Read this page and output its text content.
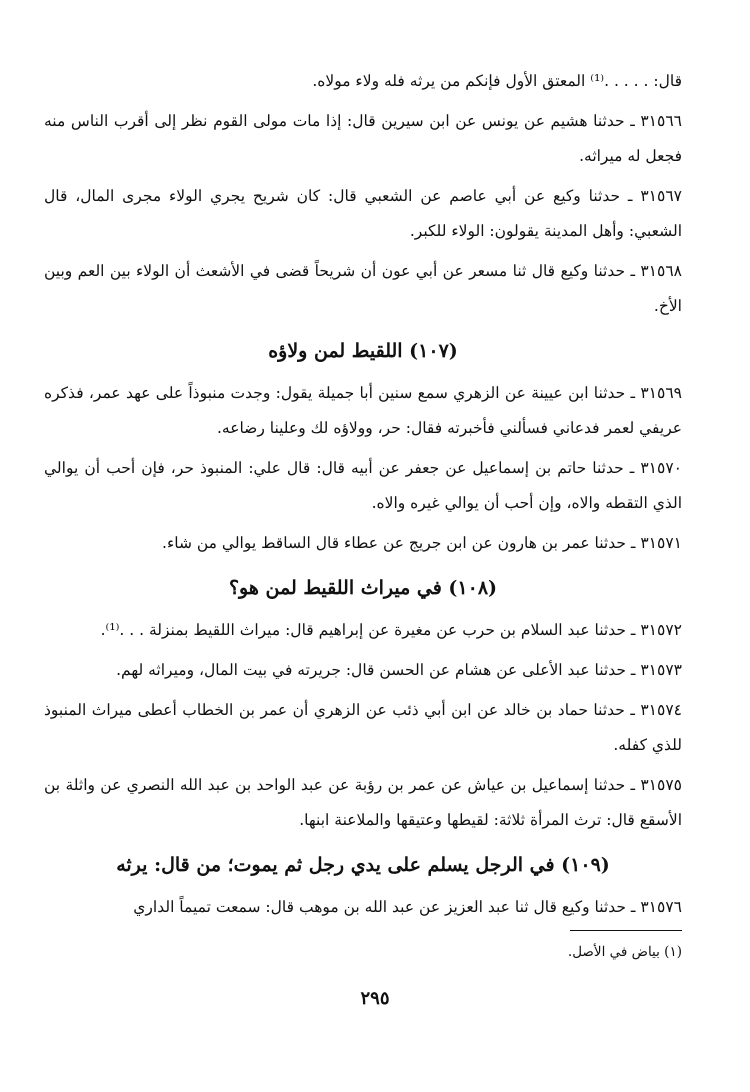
قال: . . . . .⁽¹⁾ المعتق الأول فإنكم من يرثه فله ولاء مولاه.

٣١٥٦٦ ـ حدثنا هشيم عن يونس عن ابن سيرين قال: إذا مات مولى القوم نظر إلى أقرب الناس منه فجعل له ميراثه.

٣١٥٦٧ ـ حدثنا وكيع عن أبي عاصم عن الشعبي قال: كان شريح يجري الولاء مجرى المال، قال الشعبي: وأهل المدينة يقولون: الولاء للكبر.

٣١٥٦٨ ـ حدثنا وكيع قال ثنا مسعر عن أبي عون أن شريحاً قضى في الأشعث أن الولاء بين العم وبين الأخ.

(١٠٧) اللقيط لمن ولاؤه

٣١٥٦٩ ـ حدثنا ابن عيينة عن الزهري سمع سنين أبا جميلة يقول: وجدت منبوذاً على عهد عمر، فذكره عريفي لعمر فدعاني فسألني فأخبرته فقال: حر، وولاؤه لك وعلينا رضاعه.

٣١٥٧٠ ـ حدثنا حاتم بن إسماعيل عن جعفر عن أبيه قال: قال علي: المنبوذ حر، فإن أحب أن يوالي الذي التقطه والاه، وإن أحب أن يوالي غيره والاه.

٣١٥٧١ ـ حدثنا عمر بن هارون عن ابن جريج عن عطاء قال الساقط يوالي من شاء.

(١٠٨) في ميراث اللقيط لمن هو؟

٣١٥٧٢ ـ حدثنا عبد السلام بن حرب عن مغيرة عن إبراهيم قال: ميراث اللقيط بمنزلة . . .⁽¹⁾.

٣١٥٧٣ ـ حدثنا عبد الأعلى عن هشام عن الحسن قال: جريرته في بيت المال، وميراثه لهم.

٣١٥٧٤ ـ حدثنا حماد بن خالد عن ابن أبي ذئب عن الزهري أن عمر بن الخطاب أعطى ميراث المنبوذ للذي كفله.

٣١٥٧٥ ـ حدثنا إسماعيل بن عياش عن عمر بن رؤبة عن عبد الواحد بن عبد الله النصري عن واثلة بن الأسقع قال: ترث المرأة ثلاثة: لقيطها وعتيقها والملاعنة ابنها.

(١٠٩) في الرجل يسلم على يدي رجل ثم يموت؛ من قال: يرثه

٣١٥٧٦ ـ حدثنا وكيع قال ثنا عبد العزيز عن عبد الله بن موهب قال: سمعت تميماً الداري

(١) بياض في الأصل.
٢٩٥
